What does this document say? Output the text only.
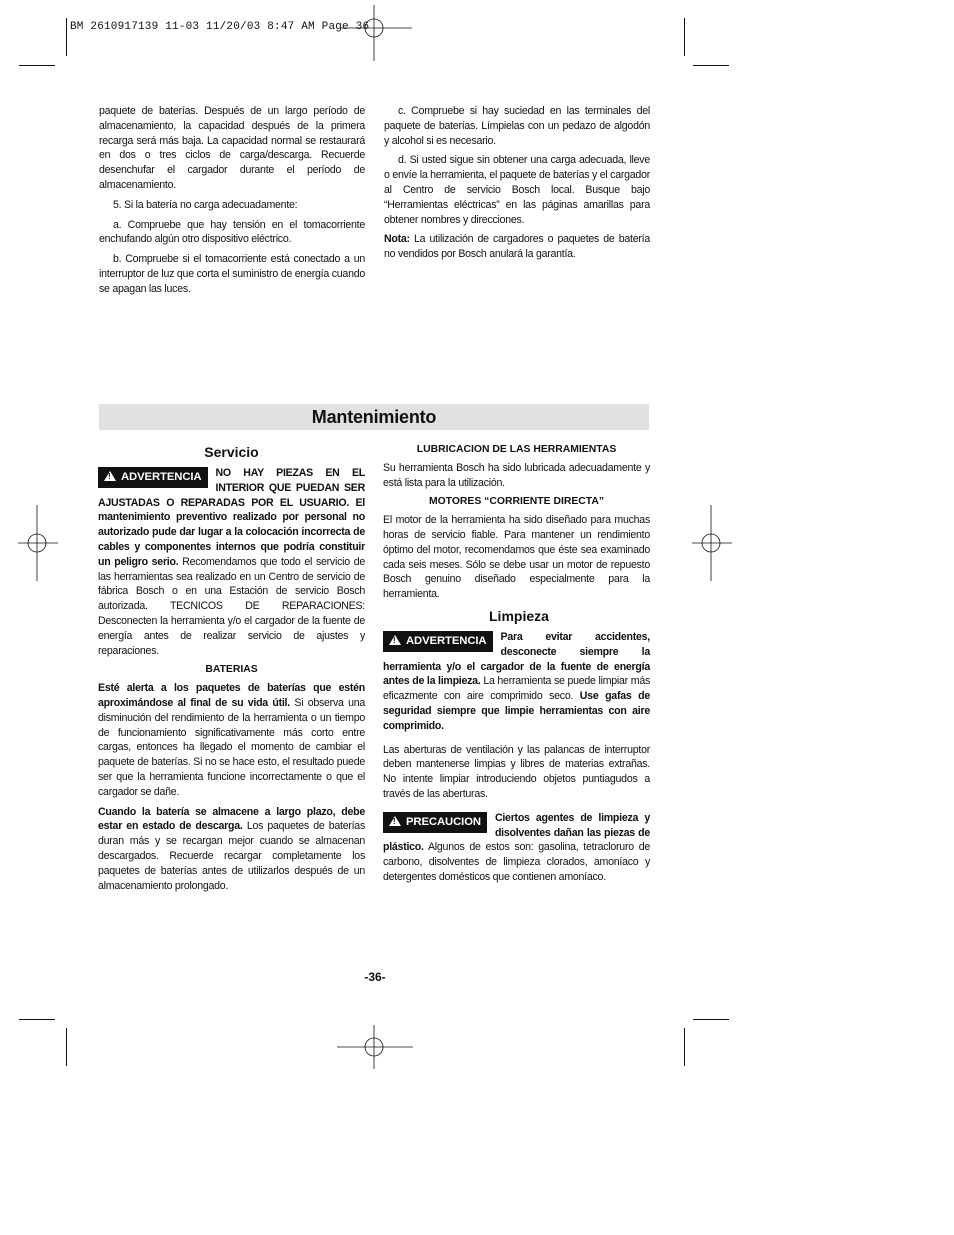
BM 2610917139 11-03 11/20/03 8:47 AM Page 36

paquete de baterías. Después de un largo período de almacenamiento, la capacidad después de la primera recarga será más baja. La capacidad normal se restaurará en dos o tres ciclos de carga/descarga. Recuerde desenchufar el cargador durante el período de almacenamiento.

5. Si la batería no carga adecuadamente:

a. Compruebe que hay tensión en el tomacorriente enchufando algún otro dispositivo eléctrico.

b. Compruebe si el tomacorriente está conectado a un interruptor de luz que corta el suministro de energía cuando se apagan las luces.

c. Compruebe si hay suciedad en las terminales del paquete de baterías. Límpielas con un pedazo de algodón y alcohol si es necesario.

d. Si usted sigue sin obtener una carga adecuada, lleve o envíe la herramienta, el paquete de baterías y el cargador al Centro de servicio Bosch local. Busque bajo “Herramientas eléctricas” en las páginas amarillas para obtener nombres y direcciones.

Nota: La utilización de cargadores o paquetes de batería no vendidos por Bosch anulará la garantía.

Mantenimiento
Servicio

!ADVERTENCIA	NO HAY PIEZAS EN EL INTERIOR QUE PUEDAN SER AJUSTADAS O REPARADAS POR EL USUARIO. El mantenimiento preventivo realizado por personal no autorizado pude dar lugar a la colocación incorrecta de cables y componentes internos que podría constituir un peligro serio. Recomendamos que todo el servicio de las herramientas sea realizado en un Centro de servicio de fábrica Bosch o en una Estación de servicio Bosch autorizada. TECNICOS DE REPARACIONES: Desconecten la herramienta y/o el cargador de la fuente de energía antes de realizar servicio de ajustes y reparaciones.

BATERIAS

Esté alerta a los paquetes de baterías que estén aproximándose al final de su vida útil. Si observa una disminución del rendimiento de la herramienta o un tiempo de funcionamiento significativamente más corto entre cargas, entonces ha llegado el momento de cambiar el paquete de baterías. Si no se hace esto, el resultado puede ser que la herramienta funcione incorrectamente o que el cargador se dañe.

Cuando la batería se almacene a largo plazo, debe estar en estado de descarga. Los paquetes de baterías duran más y se recargan mejor cuando se almacenan descargados. Recuerde recargar completamente los paquetes de baterías antes de utilizarlos después de un almacenamiento prolongado.

LUBRICACION DE LAS HERRAMIENTAS

Su herramienta Bosch ha sido lubricada adecuadamente y está lista para la utilización.

MOTORES “CORRIENTE DIRECTA”

El motor de la herramienta ha sido diseñado para muchas horas de servicio fiable. Para mantener un rendimiento óptimo del motor, recomendamos que éste sea examinado cada seis meses. Sólo se debe usar un motor de repuesto Bosch genuino diseñado especialmente para la herramienta.

Limpieza

!ADVERTENCIA	Para evitar accidentes, desconecte siempre la herramienta y/o el cargador de la fuente de energía antes de la limpieza. La herramienta se puede limpiar más eficazmente con aire comprimido seco. Use gafas de seguridad siempre que limpie herramientas con aire comprimido.

Las aberturas de ventilación y las palancas de interruptor deben mantenerse limpias y libres de materias extrañas. No intente limpiar introduciendo objetos puntiagudos a través de las aberturas.

!PRECAUCION	Ciertos agentes de limpieza y disolventes dañan las piezas de plástico. Algunos de estos son: gasolina, tetracloruro de carbono, disolventes de limpieza clorados, amoníaco y detergentes domésticos que contienen amoníaco.

-36-
